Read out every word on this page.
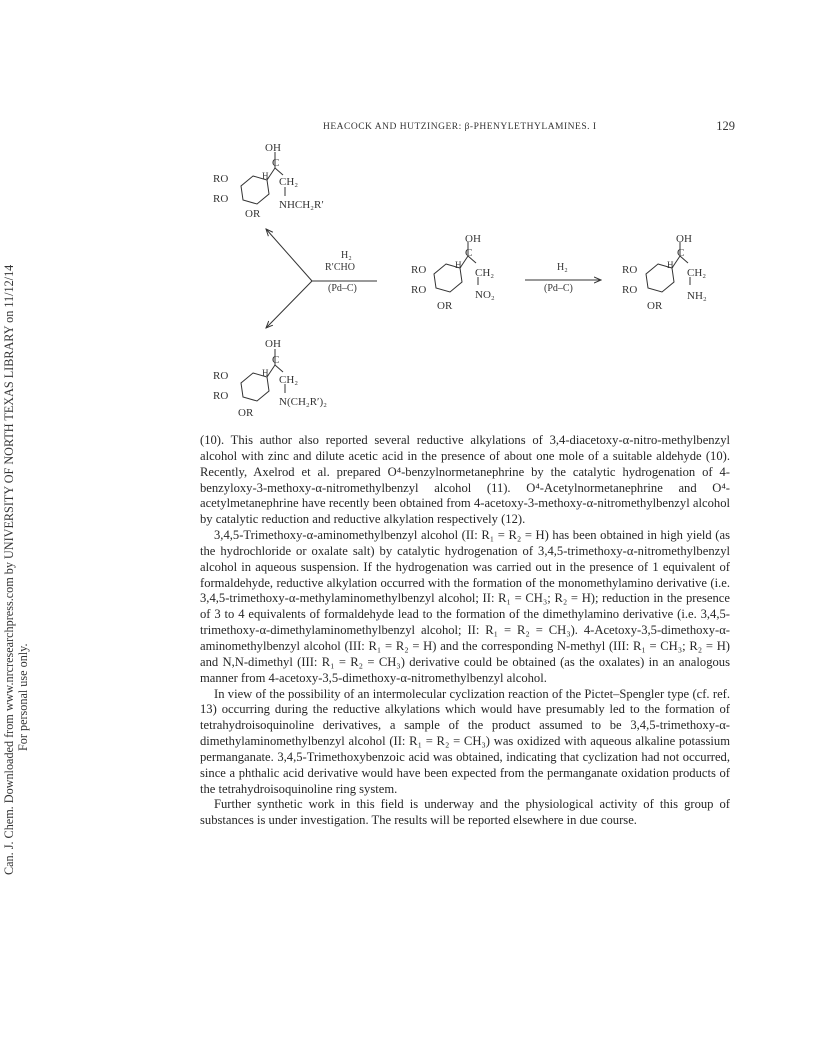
Can. J. Chem. Downloaded from www.nrcresearchpress.com by UNIVERSITY OF NORTH TEXAS LIBRARY on 11/12/14 For personal use only.
HEACOCK AND HUTZINGER: β-PHENYLETHYLAMINES. I	129
OH
C
H CH₂
NHCH₂R′
RO
RO
OR
H₂
R′CHO
(Pd–C)
H₂
(Pd–C)
OH
C
H
CH₂
NO₂
RO
RO
OR
OH
C
H
CH₂
NH₂
RO
RO
OR
OH
C
H
CH₂
N(CH₂R′)₂
RO
RO
OR

(10). This author also reported several reductive alkylations of 3,4-diacetoxy-α-nitro-methylbenzyl alcohol with zinc and dilute acetic acid in the presence of about one mole of a suitable aldehyde (10). Recently, Axelrod et al. prepared O⁴-benzylnormetanephrine by the catalytic hydrogenation of 4-benzyloxy-3-methoxy-α-nitromethylbenzyl alcohol (11). O⁴-Acetylnormetanephrine and O⁴-acetylmetanephrine have recently been obtained from 4-acetoxy-3-methoxy-α-nitromethylbenzyl alcohol by catalytic reduction and reductive alkylation respectively (12).

3,4,5-Trimethoxy-α-aminomethylbenzyl alcohol (II: R₁ = R₂ = H) has been obtained in high yield (as the hydrochloride or oxalate salt) by catalytic hydrogenation of 3,4,5-trimethoxy-α-nitromethylbenzyl alcohol in aqueous suspension. If the hydrogenation was carried out in the presence of 1 equivalent of formaldehyde, reductive alkylation occurred with the formation of the monomethylamino derivative (i.e. 3,4,5-trimethoxy-α-methylaminomethylbenzyl alcohol; II: R₁ = CH₃; R₂ = H); reduction in the presence of 3 to 4 equivalents of formaldehyde lead to the formation of the dimethylamino derivative (i.e. 3,4,5-trimethoxy-α-dimethylaminomethylbenzyl alcohol; II: R₁ = R₂ = CH₃). 4-Acetoxy-3,5-dimethoxy-α-aminomethylbenzyl alcohol (III: R₁ = R₂ = H) and the corresponding N-methyl (III: R₁ = CH₃; R₂ = H) and N,N-dimethyl (III: R₁ = R₂ = CH₃) derivative could be obtained (as the oxalates) in an analogous manner from 4-acetoxy-3,5-dimethoxy-α-nitromethylbenzyl alcohol.

In view of the possibility of an intermolecular cyclization reaction of the Pictet–Spengler type (cf. ref. 13) occurring during the reductive alkylations which would have presumably led to the formation of tetrahydroisoquinoline derivatives, a sample of the product assumed to be 3,4,5-trimethoxy-α-dimethylaminomethylbenzyl alcohol (II: R₁ = R₂ = CH₃) was oxidized with aqueous alkaline potassium permanganate. 3,4,5-Trimethoxybenzoic acid was obtained, indicating that cyclization had not occurred, since a phthalic acid derivative would have been expected from the permanganate oxidation products of the tetrahydroisoquinoline ring system.

Further synthetic work in this field is underway and the physiological activity of this group of substances is under investigation. The results will be reported elsewhere in due course.
